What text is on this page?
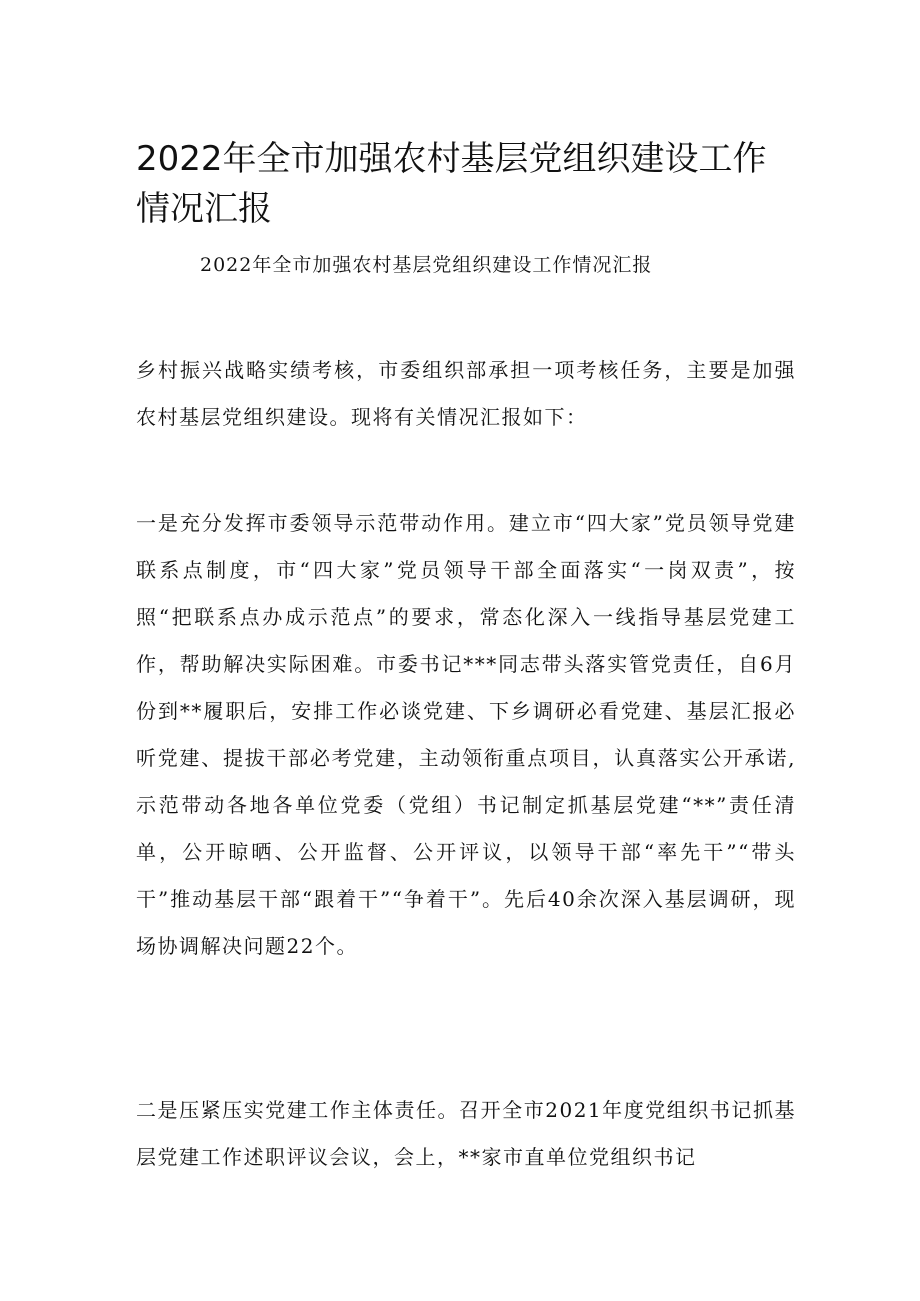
2022年全市加强农村基层党组织建设工作情况汇报

2022年全市加强农村基层党组织建设工作情况汇报

乡村振兴战略实绩考核，市委组织部承担一项考核任务，主要是加强农村基层党组织建设。现将有关情况汇报如下：

一是充分发挥市委领导示范带动作用。建立市“四大家”党员领导党建联系点制度，市“四大家”党员领导干部全面落实“一岗双责”，按照“把联系点办成示范点”的要求，常态化深入一线指导基层党建工作，帮助解决实际困难。市委书记***同志带头落实管党责任，自6月份到**履职后，安排工作必谈党建、下乡调研必看党建、基层汇报必听党建、提拔干部必考党建，主动领衔重点项目，认真落实公开承诺,示范带动各地各单位党委（党组）书记制定抓基层党建“**”责任清单，公开晾晒、公开监督、公开评议，以领导干部“率先干”“带头干”推动基层干部“跟着干”“争着干”。先后40余次深入基层调研，现场协调解决问题22个。

二是压紧压实党建工作主体责任。召开全市2021年度党组织书记抓基层党建工作述职评议会议，会上，**家市直单位党组织书记
